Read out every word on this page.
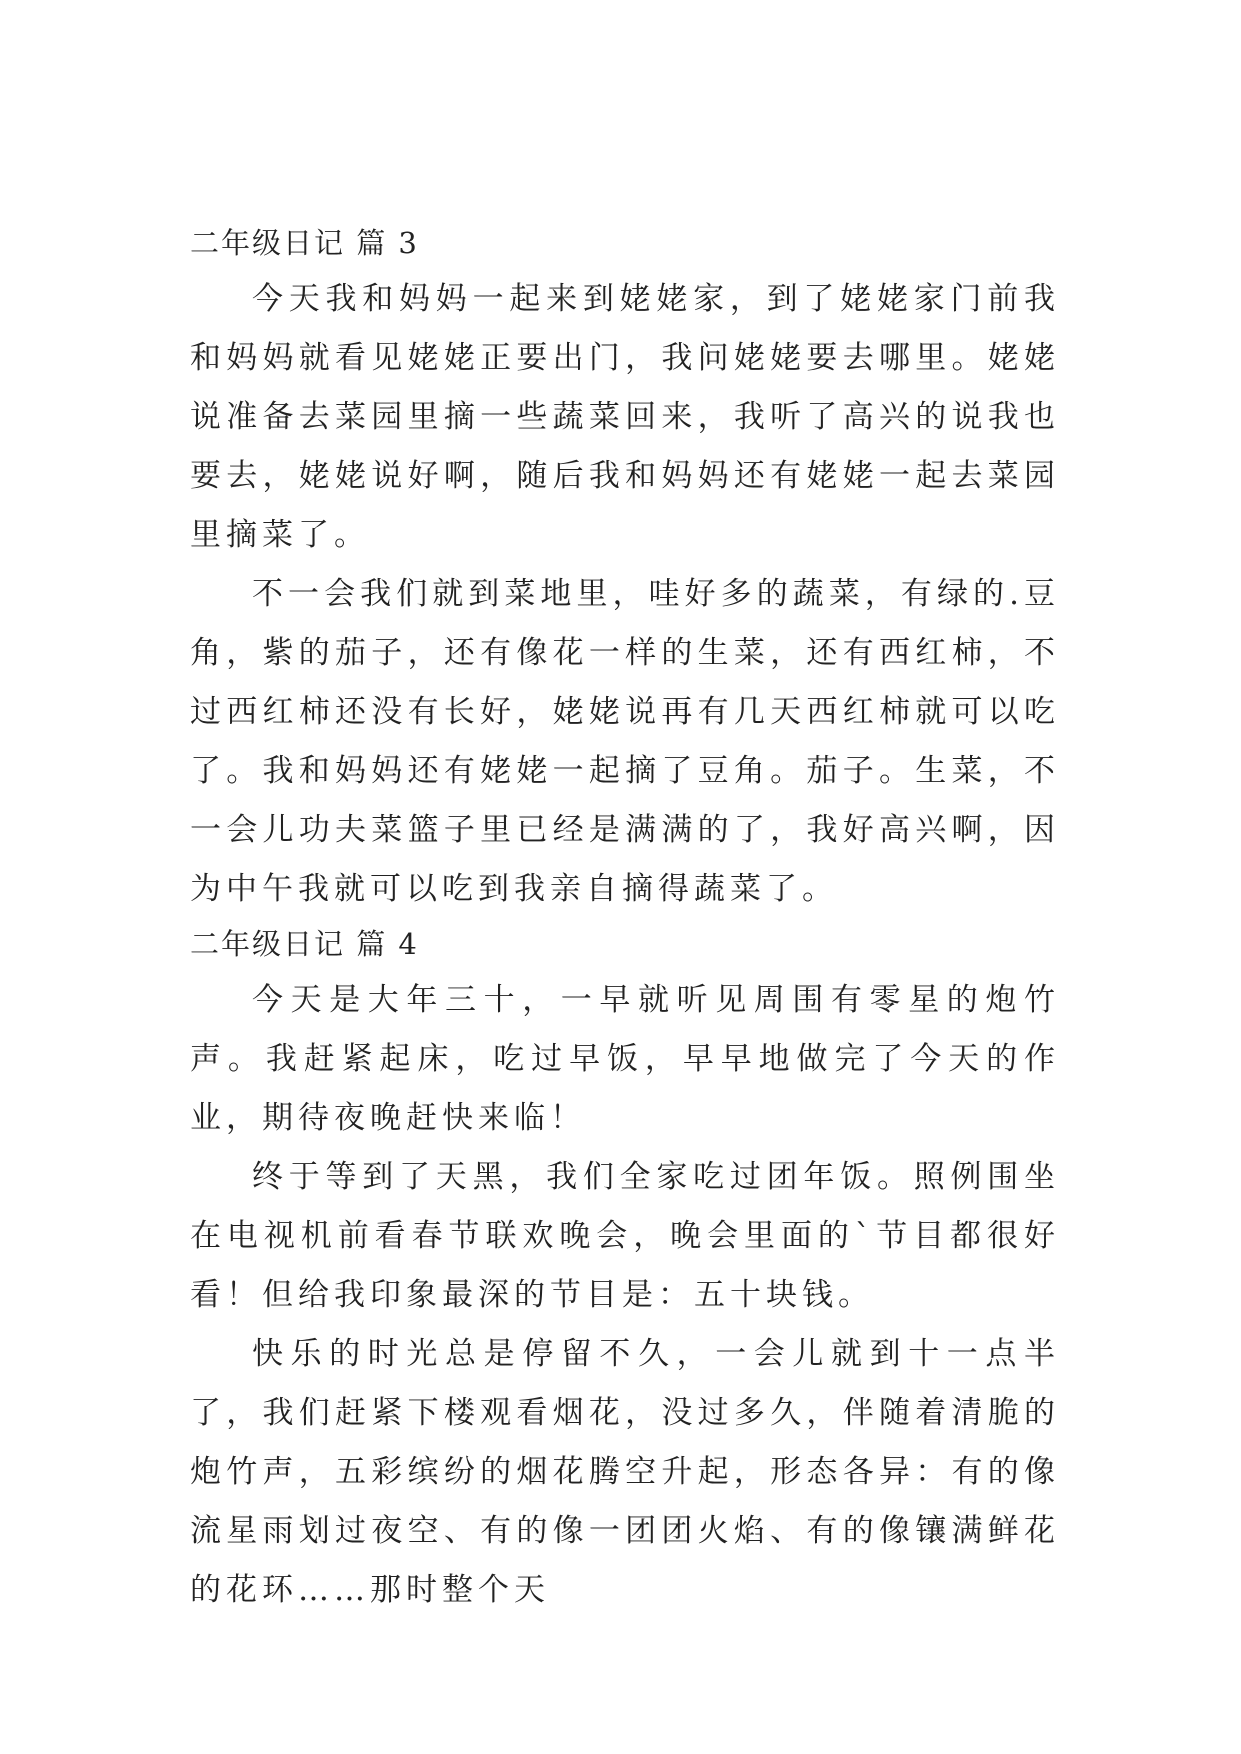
二年级日记 篇 3

今天我和妈妈一起来到姥姥家，到了姥姥家门前我和妈妈就看见姥姥正要出门，我问姥姥要去哪里。姥姥说准备去菜园里摘一些蔬菜回来，我听了高兴的说我也要去，姥姥说好啊，随后我和妈妈还有姥姥一起去菜园里摘菜了。

不一会我们就到菜地里，哇好多的蔬菜，有绿的.豆角，紫的茄子，还有像花一样的生菜，还有西红柿，不过西红柿还没有长好，姥姥说再有几天西红柿就可以吃了。我和妈妈还有姥姥一起摘了豆角。茄子。生菜，不一会儿功夫菜篮子里已经是满满的了，我好高兴啊，因为中午我就可以吃到我亲自摘得蔬菜了。

二年级日记 篇 4

今天是大年三十，一早就听见周围有零星的炮竹声。我赶紧起床，吃过早饭，早早地做完了今天的作业，期待夜晚赶快来临！

终于等到了天黑，我们全家吃过团年饭。照例围坐在电视机前看春节联欢晚会，晚会里面的`节目都很好看！但给我印象最深的节目是：五十块钱。

快乐的时光总是停留不久，一会儿就到十一点半了，我们赶紧下楼观看烟花，没过多久，伴随着清脆的炮竹声，五彩缤纷的烟花腾空升起，形态各异：有的像流星雨划过夜空、有的像一团团火焰、有的像镶满鲜花的花环……那时整个天
